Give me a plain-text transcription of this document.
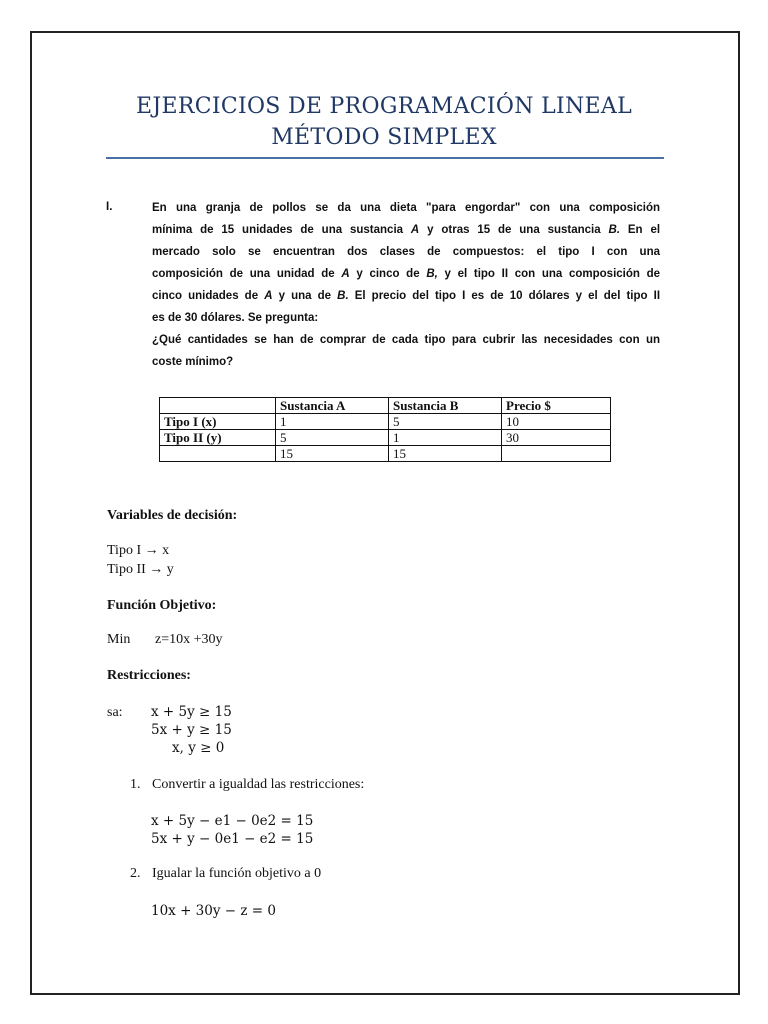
EJERCICIOS DE PROGRAMACIÓN LINEAL
MÉTODO SIMPLEX
I.	En una granja de pollos se da una dieta "para engordar" con una composición
mínima de 15 unidades de una sustancia A y otras 15 de una sustancia B. En el
mercado solo se encuentran dos clases de compuestos: el tipo I con una
composición de una unidad de A y cinco de B, y el tipo II con una composición de
cinco unidades de A y una de B. El precio del tipo I es de 10 dólares y el del tipo II
es de 30 dólares. Se pregunta:
¿Qué cantidades se han de comprar de cada tipo para cubrir las necesidades con un
coste mínimo?
	Sustancia A	Sustancia B	Precio $
Tipo I (x)	1	5	10
Tipo II (y)	5	1	30
	15	15	
Variables de decisión:
Tipo I → x
Tipo II → y
Función Objetivo:
Min z=10x +30y
Restricciones:
sa: x + 5y ≥ 15
5x + y ≥ 15
x, y ≥ 0
1. Convertir a igualdad las restricciones:
x + 5y − e1 − 0e2 = 15
5x + y − 0e1 − e2 = 15
2. Igualar la función objetivo a 0
10x + 30y − z = 0
